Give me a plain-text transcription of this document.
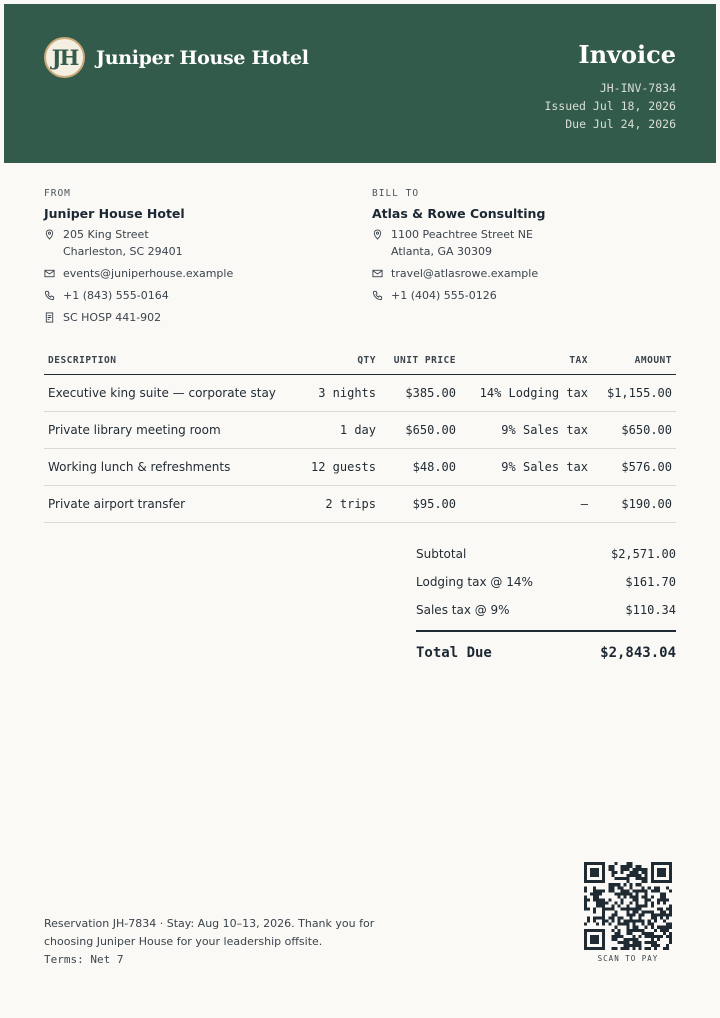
JH Juniper House Hotel	Invoice
JH-INV-7834
Issued Jul 18, 2026
Due Jul 24, 2026
FROM
Juniper House Hotel
205 King Street
Charleston, SC 29401
events@juniperhouse.example
+1 (843) 555-0164
SC HOSP 441-902
BILL TO
Atlas & Rowe Consulting
1100 Peachtree Street NE
Atlanta, GA 30309
travel@atlasrowe.example
+1 (404) 555-0126
DESCRIPTION	QTY	UNIT PRICE	TAX	AMOUNT
Executive king suite — corporate stay	3 nights	$385.00	14% Lodging tax	$1,155.00
Private library meeting room	1 day	$650.00	9% Sales tax	$650.00
Working lunch & refreshments	12 guests	$48.00	9% Sales tax	$576.00
Private airport transfer	2 trips	$95.00	—	$190.00
Subtotal	$2,571.00
Lodging tax @ 14%	$161.70
Sales tax @ 9%	$110.34
Total Due	$2,843.04
Reservation JH-7834 · Stay: Aug 10–13, 2026. Thank you for
choosing Juniper House for your leadership offsite.
Terms: Net 7	SCAN TO PAY
